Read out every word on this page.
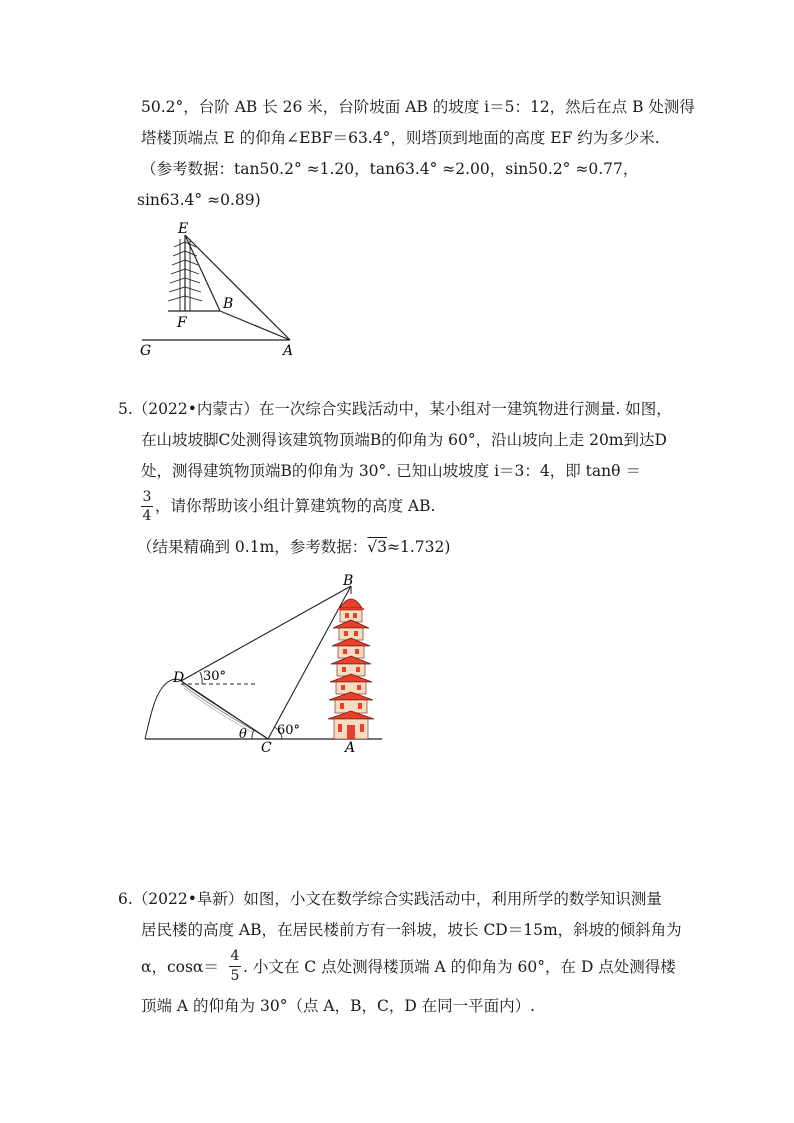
50.2°，台阶 AB 长 26 米，台阶坡面 AB 的坡度 i＝5：12，然后在点 B 处测得
塔楼顶端点 E 的仰角∠EBF＝63.4°，则塔顶到地面的高度 EF 约为多少米.
（参考数据：tan50.2° ≈1.20，tan63.4° ≈2.00，sin50.2° ≈0.77，
sin63.4° ≈0.89)
E
B
F
G	A
5.（2022•内蒙古）在一次综合实践活动中，某小组对一建筑物进行测量. 如图，
在山坡坡脚C处测得该建筑物顶端B的仰角为 60°，沿山坡向上走 20m到达D
处，测得建筑物顶端B的仰角为 30°. 已知山坡坡度 i＝3：4，即 tanθ ＝
3
4
，请你帮助该小组计算建筑物的高度 AB.
（结果精确到 0.1m，参考数据：√3≈1.732)
B
D
C	A
30°
60°
θ
6.（2022•阜新）如图，小文在数学综合实践活动中，利用所学的数学知识测量
居民楼的高度 AB，在居民楼前方有一斜坡，坡长 CD＝15m，斜坡的倾斜角为
α，cosα＝
4
5 . 小文在 C 点处测得楼顶端 A 的仰角为 60°，在 D 点处测得楼
顶端 A 的仰角为 30°（点 A，B，C，D 在同一平面内）.
